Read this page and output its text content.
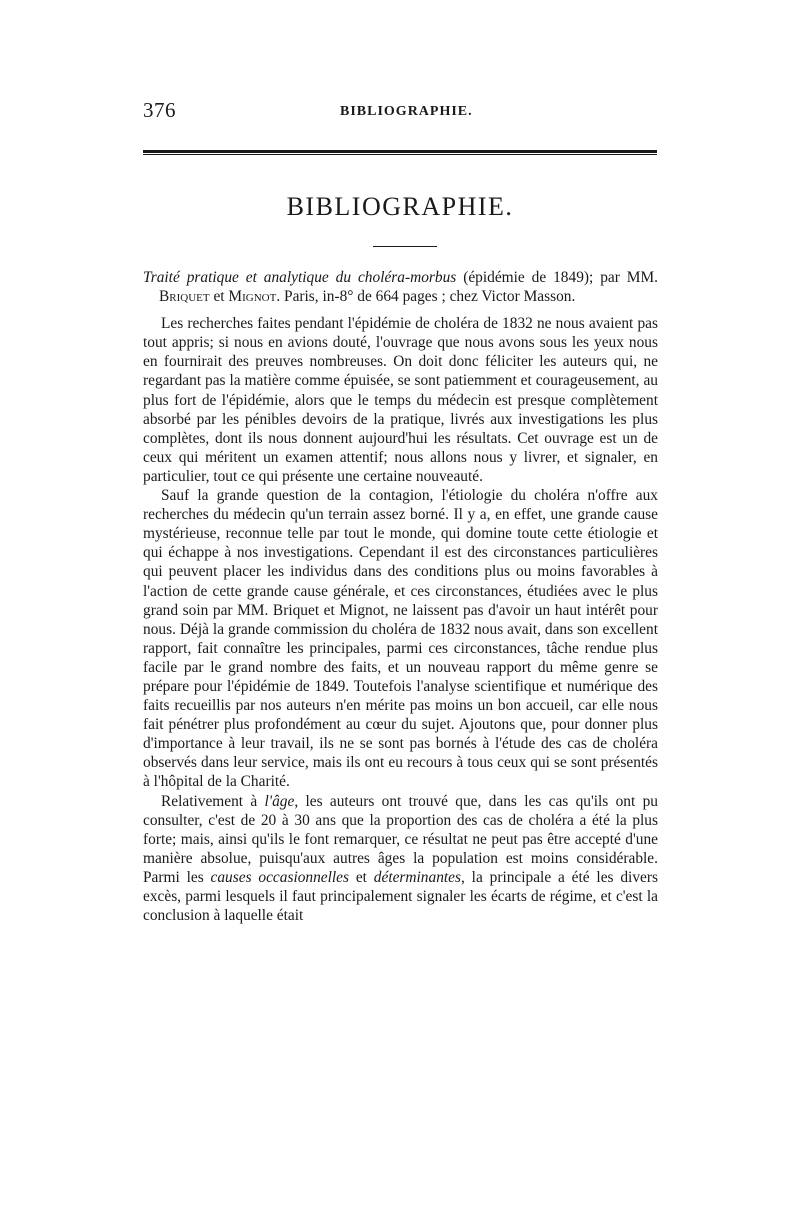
376	BIBLIOGRAPHIE.
BIBLIOGRAPHIE.

Traité pratique et analytique du choléra-morbus (épidémie de 1849); par MM. Briquet et Mignot. Paris, in-8° de 664 pages ; chez Victor Masson.

Les recherches faites pendant l'épidémie de choléra de 1832 ne nous avaient pas tout appris; si nous en avions douté, l'ouvrage que nous avons sous les yeux nous en fournirait des preuves nombreuses. On doit donc féliciter les auteurs qui, ne regardant pas la matière comme épuisée, se sont patiemment et courageusement, au plus fort de l'épidémie, alors que le temps du médecin est presque complètement absorbé par les pénibles devoirs de la pratique, livrés aux investigations les plus complètes, dont ils nous donnent aujourd'hui les résultats. Cet ouvrage est un de ceux qui méritent un examen attentif; nous allons nous y livrer, et signaler, en particulier, tout ce qui présente une certaine nouveauté.

Sauf la grande question de la contagion, l'étiologie du choléra n'offre aux recherches du médecin qu'un terrain assez borné. Il y a, en effet, une grande cause mystérieuse, reconnue telle par tout le monde, qui domine toute cette étiologie et qui échappe à nos investigations. Cependant il est des circonstances particulières qui peuvent placer les individus dans des conditions plus ou moins favorables à l'action de cette grande cause générale, et ces circonstances, étudiées avec le plus grand soin par MM. Briquet et Mignot, ne laissent pas d'avoir un haut intérêt pour nous. Déjà la grande commission du choléra de 1832 nous avait, dans son excellent rapport, fait connaître les principales, parmi ces circonstances, tâche rendue plus facile par le grand nombre des faits, et un nouveau rapport du même genre se prépare pour l'épidémie de 1849. Toutefois l'analyse scientifique et numérique des faits recueillis par nos auteurs n'en mérite pas moins un bon accueil, car elle nous fait pénétrer plus profondément au cœur du sujet. Ajoutons que, pour donner plus d'importance à leur travail, ils ne se sont pas bornés à l'étude des cas de choléra observés dans leur service, mais ils ont eu recours à tous ceux qui se sont présentés à l'hôpital de la Charité.

Relativement à l'âge, les auteurs ont trouvé que, dans les cas qu'ils ont pu consulter, c'est de 20 à 30 ans que la proportion des cas de choléra a été la plus forte; mais, ainsi qu'ils le font remarquer, ce résultat ne peut pas être accepté d'une manière absolue, puisqu'aux autres âges la population est moins considérable. Parmi les causes occasionnelles et déterminantes, la principale a été les divers excès, parmi lesquels il faut principalement signaler les écarts de régime, et c'est la conclusion à laquelle était
